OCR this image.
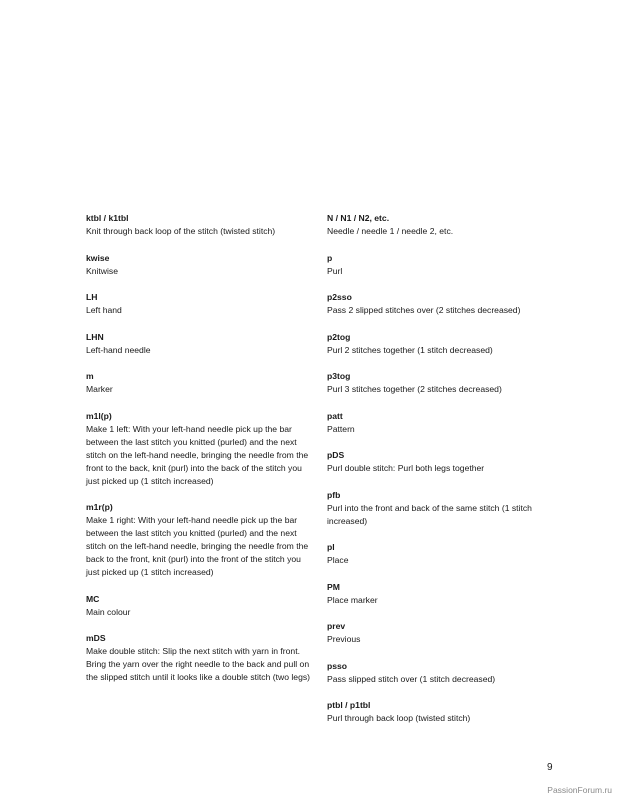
ktbl / k1tbl
Knit through back loop of the stitch (twisted stitch)
kwise
Knitwise
LH
Left hand
LHN
Left-hand needle
m
Marker
m1l(p)
Make 1 left: With your left-hand needle pick up the bar between the last stitch you knitted (purled) and the next stitch on the left-hand needle, bringing the needle from the front to the back, knit (purl) into the back of the stitch you just picked up (1 stitch increased)
m1r(p)
Make 1 right: With your left-hand needle pick up the bar between the last stitch you knitted (purled) and the next stitch on the left-hand needle, bringing the needle from the back to the front, knit (purl) into the front of the stitch you just picked up (1 stitch increased)
MC
Main colour
mDS
Make double stitch: Slip the next stitch with yarn in front. Bring the yarn over the right needle to the back and pull on the slipped stitch until it looks like a double stitch (two legs)
N / N1 / N2, etc.
Needle / needle 1 / needle 2, etc.
p
Purl
p2sso
Pass 2 slipped stitches over (2 stitches decreased)
p2tog
Purl 2 stitches together (1 stitch decreased)
p3tog
Purl 3 stitches together (2 stitches decreased)
patt
Pattern
pDS
Purl double stitch: Purl both legs together
pfb
Purl into the front and back of the same stitch (1 stitch increased)
pl
Place
PM
Place marker
prev
Previous
psso
Pass slipped stitch over (1 stitch decreased)
ptbl / p1tbl
Purl through back loop (twisted stitch)
9
PassionForum.ru
